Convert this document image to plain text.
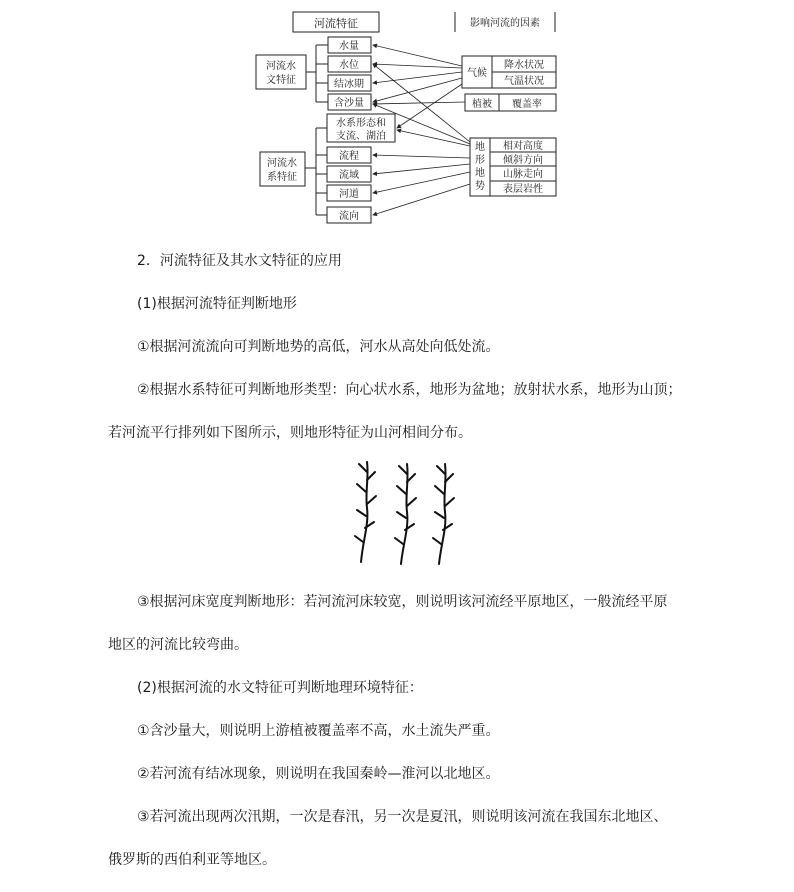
河流特征	影响河流的因素
河流水
文特征
水量
水位
结冰期
含沙量
河流水
系特征
水系形态和
支流、湖泊
流程
流域
河道
流向
气候
降水状况
气温状况
植被 覆盖率
地
形
地
势
相对高度
倾斜方向
山脉走向
表层岩性

2．河流特征及其水文特征的应用

(1)根据河流特征判断地形

①根据河流流向可判断地势的高低，河水从高处向低处流。

②根据水系特征可判断地形类型：向心状水系，地形为盆地；放射状水系，地形为山顶；

若河流平行排列如下图所示，则地形特征为山河相间分布。

③根据河床宽度判断地形：若河流河床较宽，则说明该河流经平原地区，一般流经平原

地区的河流比较弯曲。

(2)根据河流的水文特征可判断地理环境特征：

①含沙量大，则说明上游植被覆盖率不高，水土流失严重。

②若河流有结冰现象，则说明在我国秦岭—淮河以北地区。

③若河流出现两次汛期，一次是春汛，另一次是夏汛，则说明该河流在我国东北地区、

俄罗斯的西伯利亚等地区。
